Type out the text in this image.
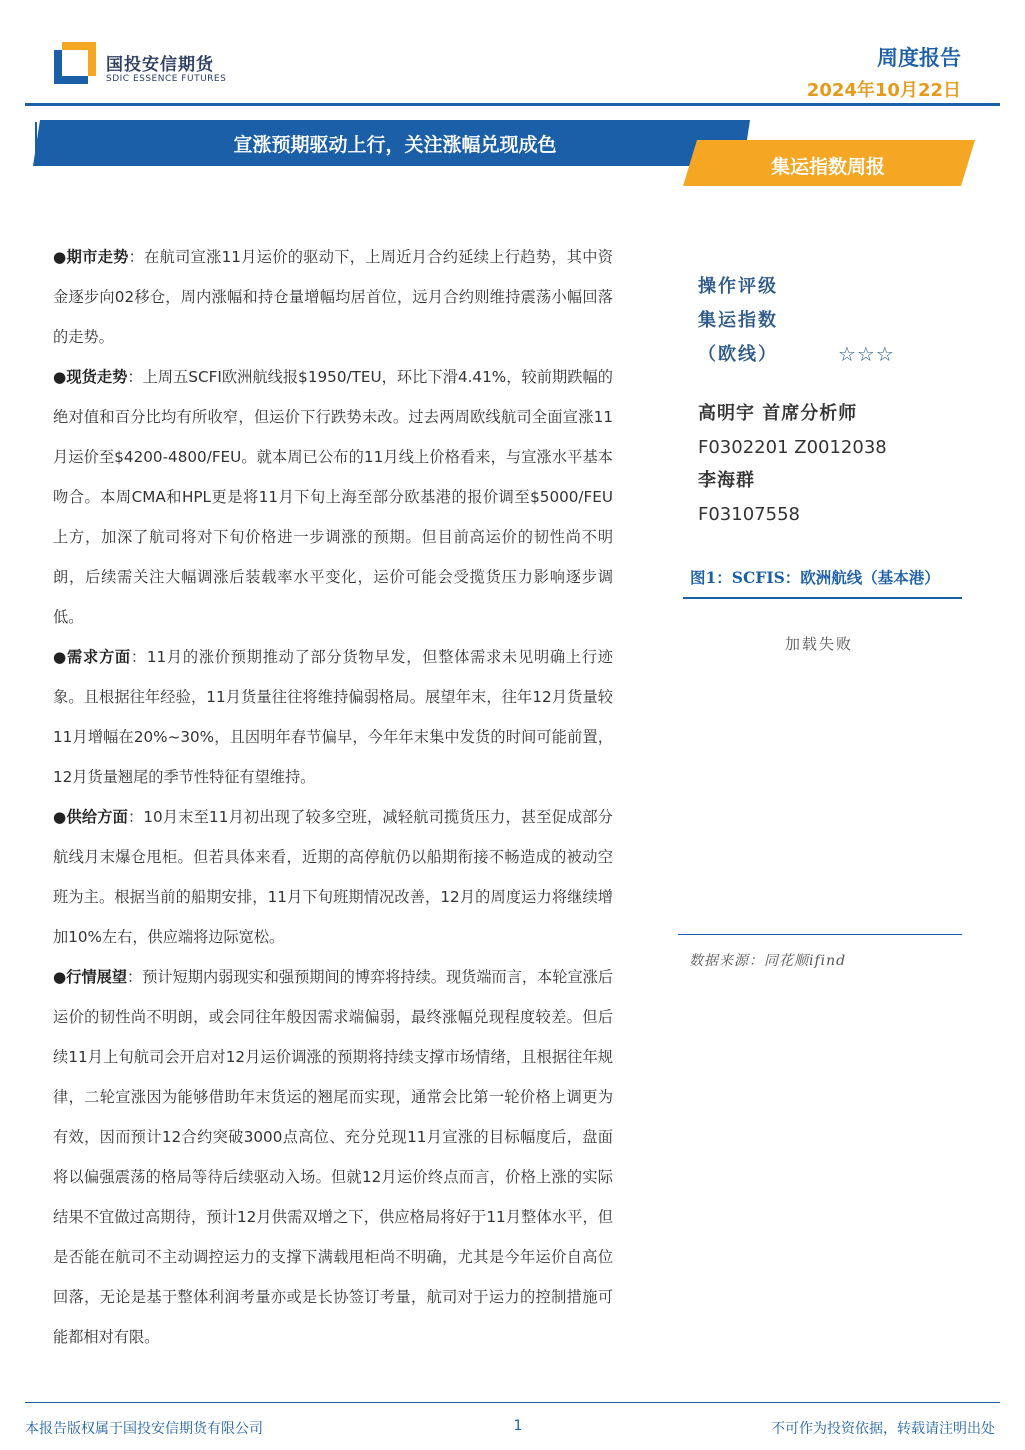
国投安信期货
SDIC ESSENCE FUTURES
周度报告
2024年10月22日
宣涨预期驱动上行，关注涨幅兑现成色
集运指数周报

●期市走势：在航司宣涨11月运价的驱动下，上周近月合约延续上行趋势，其中资金逐步向02移仓，周内涨幅和持仓量增幅均居首位，远月合约则维持震荡小幅回落的走势。

●现货走势：上周五SCFI欧洲航线报$1950/TEU，环比下滑4.41%，较前期跌幅的绝对值和百分比均有所收窄，但运价下行跌势未改。过去两周欧线航司全面宣涨11月运价至$4200-4800/FEU。就本周已公布的11月线上价格看来，与宣涨水平基本吻合。本周CMA和HPL更是将11月下旬上海至部分欧基港的报价调至$5000/FEU上方，加深了航司将对下旬价格进一步调涨的预期。但目前高运价的韧性尚不明朗，后续需关注大幅调涨后装载率水平变化，运价可能会受揽货压力影响逐步调低。

●需求方面：11月的涨价预期推动了部分货物早发，但整体需求未见明确上行迹象。且根据往年经验，11月货量往往将维持偏弱格局。展望年末，往年12月货量较11月增幅在20%~30%，且因明年春节偏早，今年年末集中发货的时间可能前置，12月货量翘尾的季节性特征有望维持。

●供给方面：10月末至11月初出现了较多空班，减轻航司揽货压力，甚至促成部分航线月末爆仓甩柜。但若具体来看，近期的高停航仍以船期衔接不畅造成的被动空班为主。根据当前的船期安排，11月下旬班期情况改善，12月的周度运力将继续增加10%左右，供应端将边际宽松。

●行情展望：预计短期内弱现实和强预期间的博弈将持续。现货端而言，本轮宣涨后运价的韧性尚不明朗，或会同往年般因需求端偏弱，最终涨幅兑现程度较差。但后续11月上旬航司会开启对12月运价调涨的预期将持续支撑市场情绪，且根据往年规律，二轮宣涨因为能够借助年末货运的翘尾而实现，通常会比第一轮价格上调更为有效，因而预计12合约突破3000点高位、充分兑现11月宣涨的目标幅度后，盘面将以偏强震荡的格局等待后续驱动入场。但就12月运价终点而言，价格上涨的实际结果不宜做过高期待，预计12月供需双增之下，供应格局将好于11月整体水平，但是否能在航司不主动调控运力的支撑下满载甩柜尚不明确，尤其是今年运价自高位回落，无论是基于整体利润考量亦或是长协签订考量，航司对于运力的控制措施可能都相对有限。

操作评级
集运指数
（欧线）	☆☆☆
高明宇 首席分析师
F0302201 Z0012038
李海群
F03107558
图1：SCFIS：欧洲航线（基本港）
加载失败
数据来源：同花顺ifind
本报告版权属于国投安信期货有限公司	1	不可作为投资依据，转载请注明出处
